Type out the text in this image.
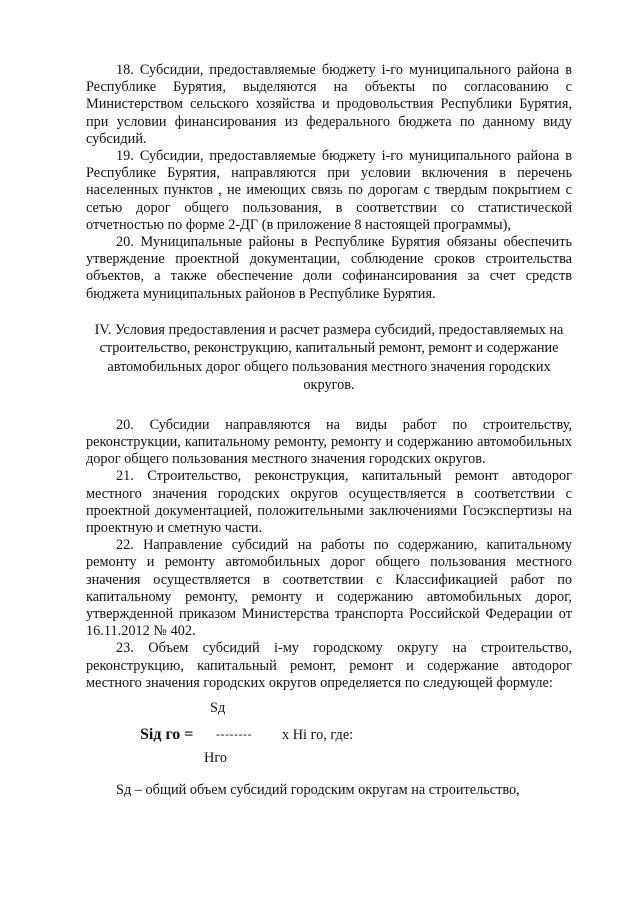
18. Субсидии, предоставляемые бюджету i-го муниципального района в Республике Бурятия, выделяются на объекты по согласованию с Министерством сельского хозяйства и продовольствия Республики Бурятия, при условии финансирования из федерального бюджета по данному виду субсидий.

19. Субсидии, предоставляемые бюджету i-го муниципального района в Республике Бурятия, направляются при условии включения в перечень населенных пунктов , не имеющих связь по дорогам с твердым покрытием с сетью дорог общего пользования, в соответствии со статистической отчетностью по форме 2-ДГ (в приложение 8 настоящей программы),

20. Муниципальные районы в Республике Бурятия обязаны обеспечить утверждение проектной документации, соблюдение сроков строительства объектов, а также обеспечение доли софинансирования за счет средств бюджета муниципальных районов в Республике Бурятия.

IV. Условия предоставления и расчет размера субсидий, предоставляемых на строительство, реконструкцию, капитальный ремонт, ремонт и содержание автомобильных дорог общего пользования местного значения городских округов.

20. Субсидии направляются на виды работ по строительству, реконструкции, капитальному ремонту, ремонту и содержанию автомобильных дорог общего пользования местного значения городских округов.

21. Строительство, реконструкция, капитальный ремонт автодорог местного значения городских округов осуществляется в соответствии с проектной документацией, положительными заключениями Госэкспертизы на проектную и сметную части.

22. Направление субсидий на работы по содержанию, капитальному ремонту и ремонту автомобильных дорог общего пользования местного значения осуществляется в соответствии с Классификацией работ по капитальному ремонту, ремонту и содержанию автомобильных дорог, утвержденной приказом Министерства транспорта Российской Федерации от 16.11.2012 № 402.

23. Объем субсидий i-му городскому округу на строительство, реконструкцию, капитальный ремонт, ремонт и содержание автодорог местного значения городских округов определяется по следующей формуле:

Sд
Siд го = -------- x Hi го, где:
Hго

Sд – общий объем субсидий городским округам на строительство,
